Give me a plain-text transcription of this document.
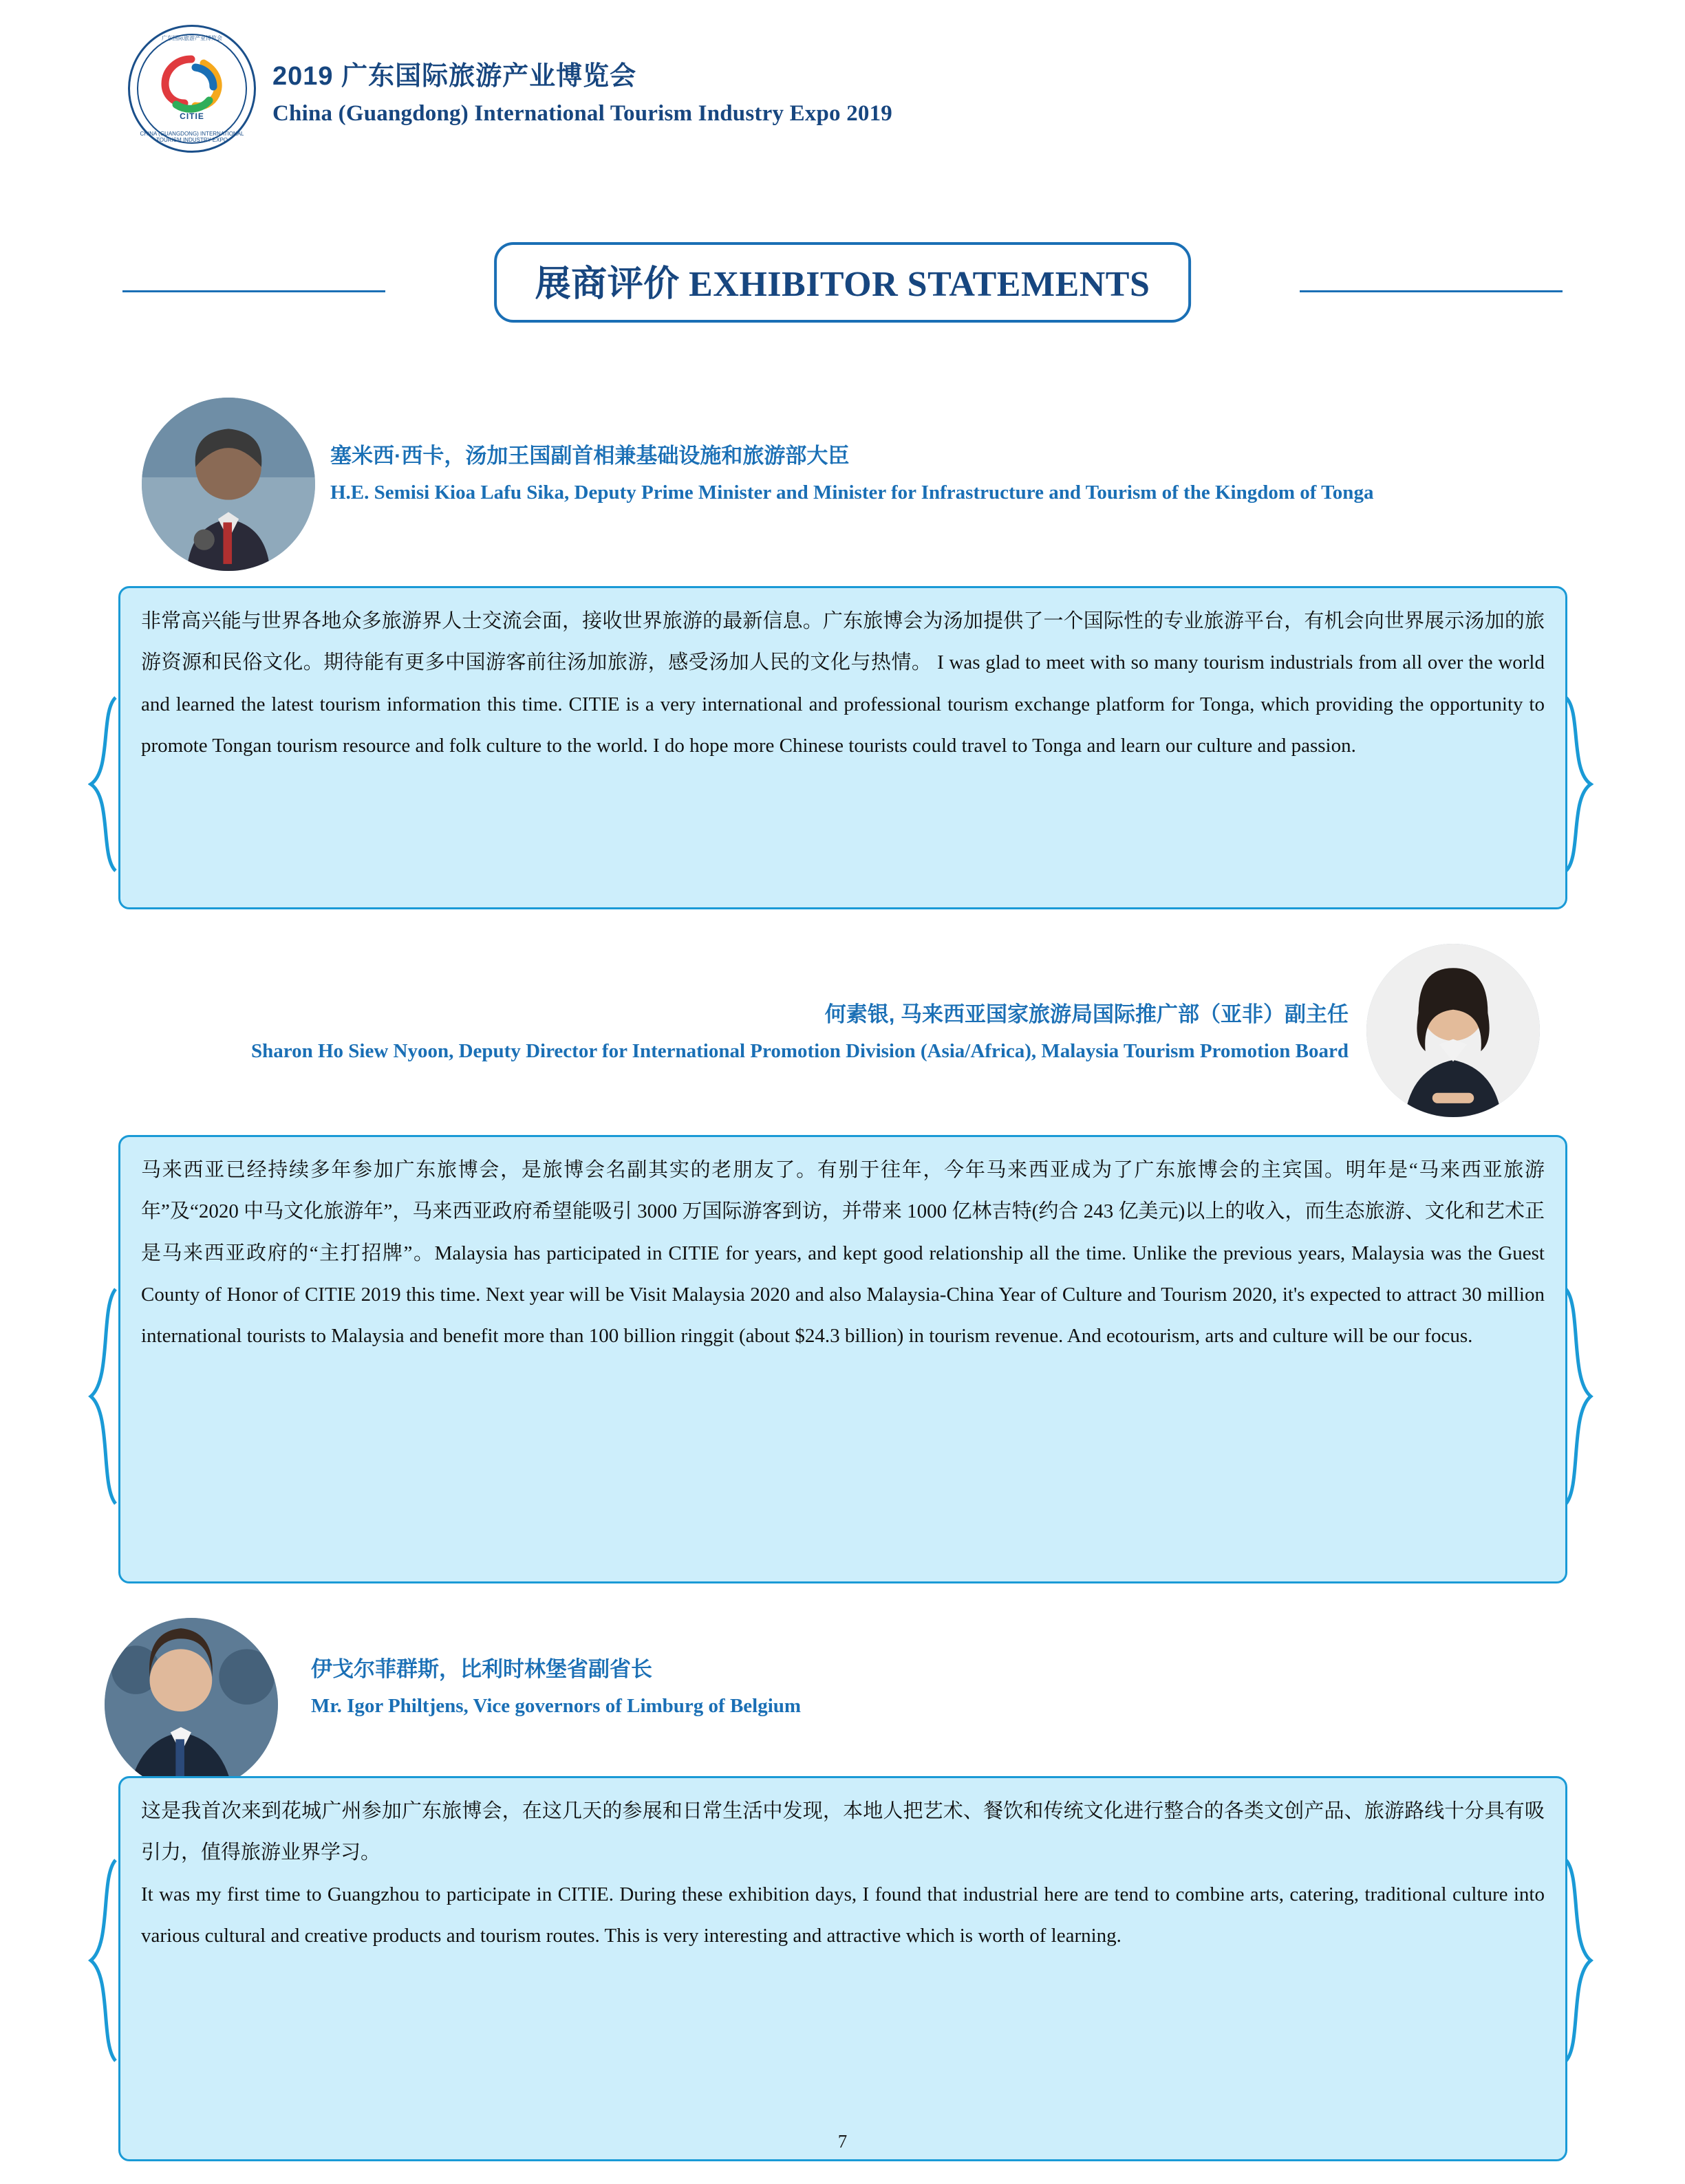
广东国际旅游产业博览会
CITIE
CHINA (GUANGDONG) INTERNATIONAL TOURISM INDUSTRY EXPO
2019 广东国际旅游产业博览会
China (Guangdong) International Tourism Industry Expo 2019
展商评价 EXHIBITOR STATEMENTS
塞米西·西卡，汤加王国副首相兼基础设施和旅游部大臣
H.E. Semisi Kioa Lafu Sika, Deputy Prime Minister and Minister for Infrastructure and Tourism of the Kingdom of Tonga
非常高兴能与世界各地众多旅游界人士交流会面，接收世界旅游的最新信息。广东旅博会为汤加提供了一个国际性的专业旅游平台，有机会向世界展示汤加的旅游资源和民俗文化。期待能有更多中国游客前往汤加旅游，感受汤加人民的文化与热情。 I was glad to meet with so many tourism industrials from all over the world and learned the latest tourism information this time. CITIE is a very international and professional tourism exchange platform for Tonga, which providing the opportunity to promote Tongan tourism resource and folk culture to the world. I do hope more Chinese tourists could travel to Tonga and learn our culture and passion.
何素银, 马来西亚国家旅游局国际推广部（亚非）副主任
Sharon Ho Siew Nyoon, Deputy Director for International Promotion Division (Asia/Africa), Malaysia Tourism Promotion Board
马来西亚已经持续多年参加广东旅博会，是旅博会名副其实的老朋友了。有别于往年，今年马来西亚成为了广东旅博会的主宾国。明年是“马来西亚旅游年”及“2020 中马文化旅游年”，马来西亚政府希望能吸引 3000 万国际游客到访，并带来 1000 亿林吉特(约合 243 亿美元)以上的收入，而生态旅游、文化和艺术正是马来西亚政府的“主打招牌”。Malaysia has participated in CITIE for years, and kept good relationship all the time. Unlike the previous years, Malaysia was the Guest County of Honor of CITIE 2019 this time. Next year will be Visit Malaysia 2020 and also Malaysia-China Year of Culture and Tourism 2020, it's expected to attract 30 million international tourists to Malaysia and benefit more than 100 billion ringgit (about $24.3 billion) in tourism revenue. And ecotourism, arts and culture will be our focus.
伊戈尔菲群斯，比利时林堡省副省长
Mr. Igor Philtjens, Vice governors of Limburg of Belgium

这是我首次来到花城广州参加广东旅博会，在这几天的参展和日常生活中发现，本地人把艺术、餐饮和传统文化进行整合的各类文创产品、旅游路线十分具有吸引力，值得旅游业界学习。

It was my first time to Guangzhou to participate in CITIE. During these exhibition days, I found that industrial here are tend to combine arts, catering, traditional culture into various cultural and creative products and tourism routes. This is very interesting and attractive which is worth of learning.

7
